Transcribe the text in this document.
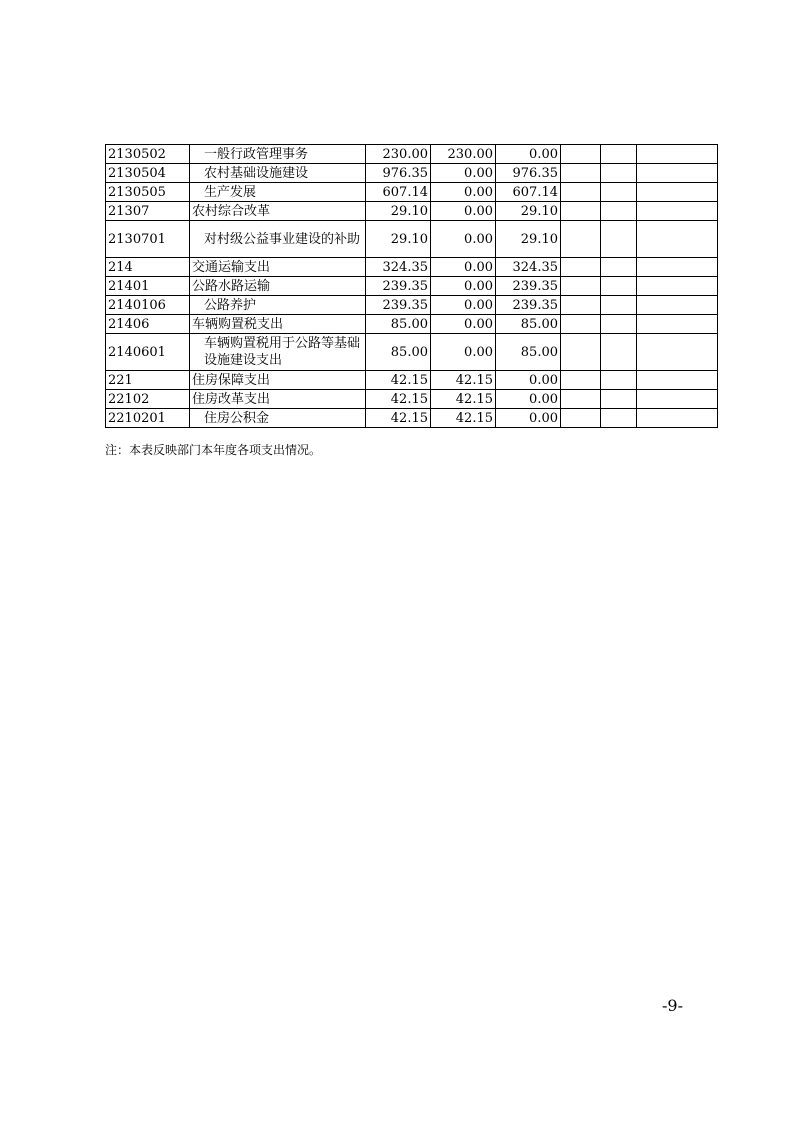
2130502	一般行政管理事务	230.00	230.00	0.00			
2130504	农村基础设施建设	976.35	0.00	976.35			
2130505	生产发展	607.14	0.00	607.14			
21307	农村综合改革	29.10	0.00	29.10			
2130701	对村级公益事业建设的补助	29.10	0.00	29.10			
214	交通运输支出	324.35	0.00	324.35			
21401	公路水路运输	239.35	0.00	239.35			
2140106	公路养护	239.35	0.00	239.35			
21406	车辆购置税支出	85.00	0.00	85.00			
2140601	车辆购置税用于公路等基础设施建设支出	85.00	0.00	85.00			
221	住房保障支出	42.15	42.15	0.00			
22102	住房改革支出	42.15	42.15	0.00			
2210201	住房公积金	42.15	42.15	0.00			
注：本表反映部门本年度各项支出情况。
-9-
